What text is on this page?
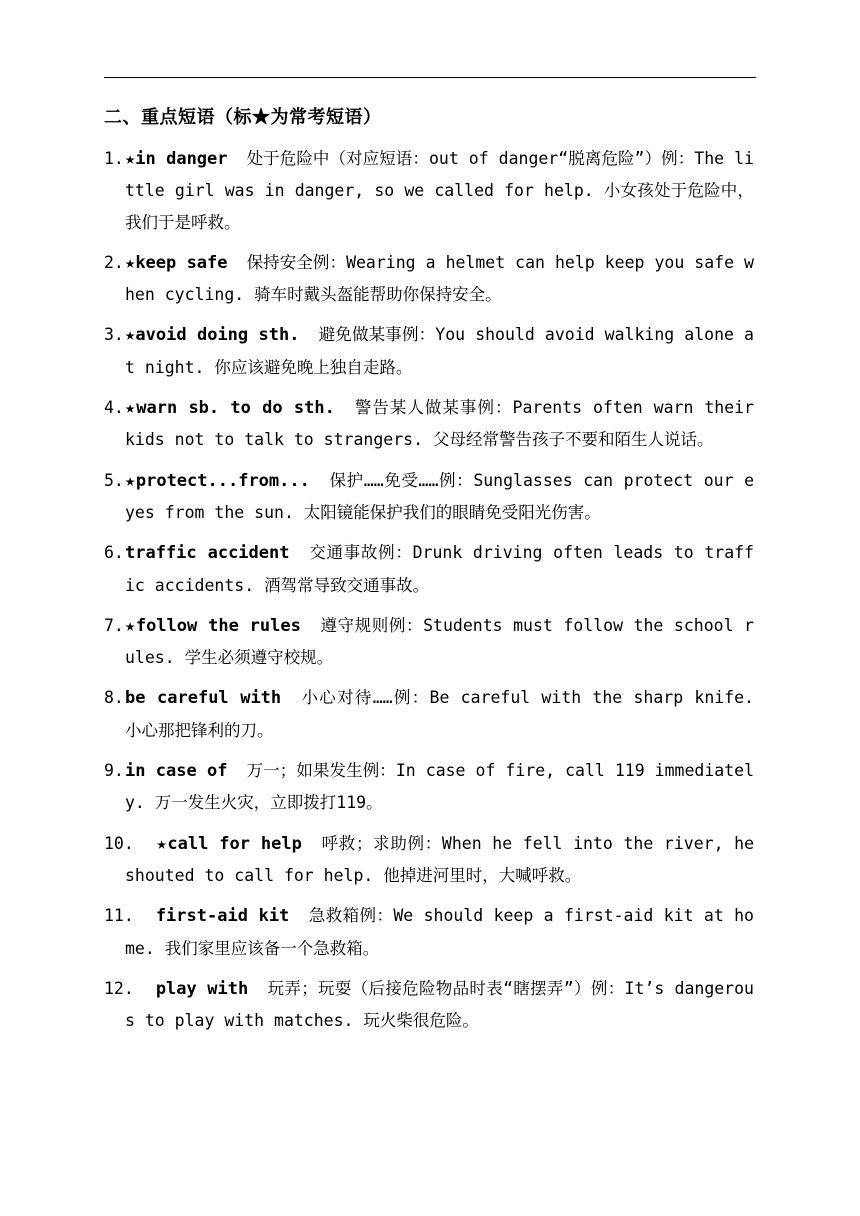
二、重点短语（标★为常考短语）
1. ★in danger 处于危险中（对应短语：out of danger“脱离危险”）例：The little girl was in danger, so we called for help. 小女孩处于危险中，我们于是呼救。
2. ★keep safe 保持安全例：Wearing a helmet can help keep you safe when cycling. 骑车时戴头盔能帮助你保持安全。
3. ★avoid doing sth. 避免做某事例：You should avoid walking alone at night. 你应该避免晚上独自走路。
4. ★warn sb. to do sth. 警告某人做某事例：Parents often warn their kids not to talk to strangers. 父母经常警告孩子不要和陌生人说话。
5. ★protect...from... 保护……免受……例：Sunglasses can protect our eyes from the sun. 太阳镜能保护我们的眼睛免受阳光伤害。
6. traffic accident 交通事故例：Drunk driving often leads to traffic accidents. 酒驾常导致交通事故。
7. ★follow the rules 遵守规则例：Students must follow the school rules. 学生必须遵守校规。
8. be careful with 小心对待……例：Be careful with the sharp knife. 小心那把锋利的刀。
9. in case of 万一；如果发生例：In case of fire, call 119 immediately. 万一发生火灾，立即拨打119。
10. ★call for help 呼救；求助例：When he fell into the river, he shouted to call for help. 他掉进河里时，大喊呼救。
11. first-aid kit 急救箱例：We should keep a first-aid kit at home. 我们家里应该备一个急救箱。
12. play with 玩弄；玩耍（后接危险物品时表“瞎摆弄”）例：It’s dangerous to play with matches. 玩火柴很危险。
